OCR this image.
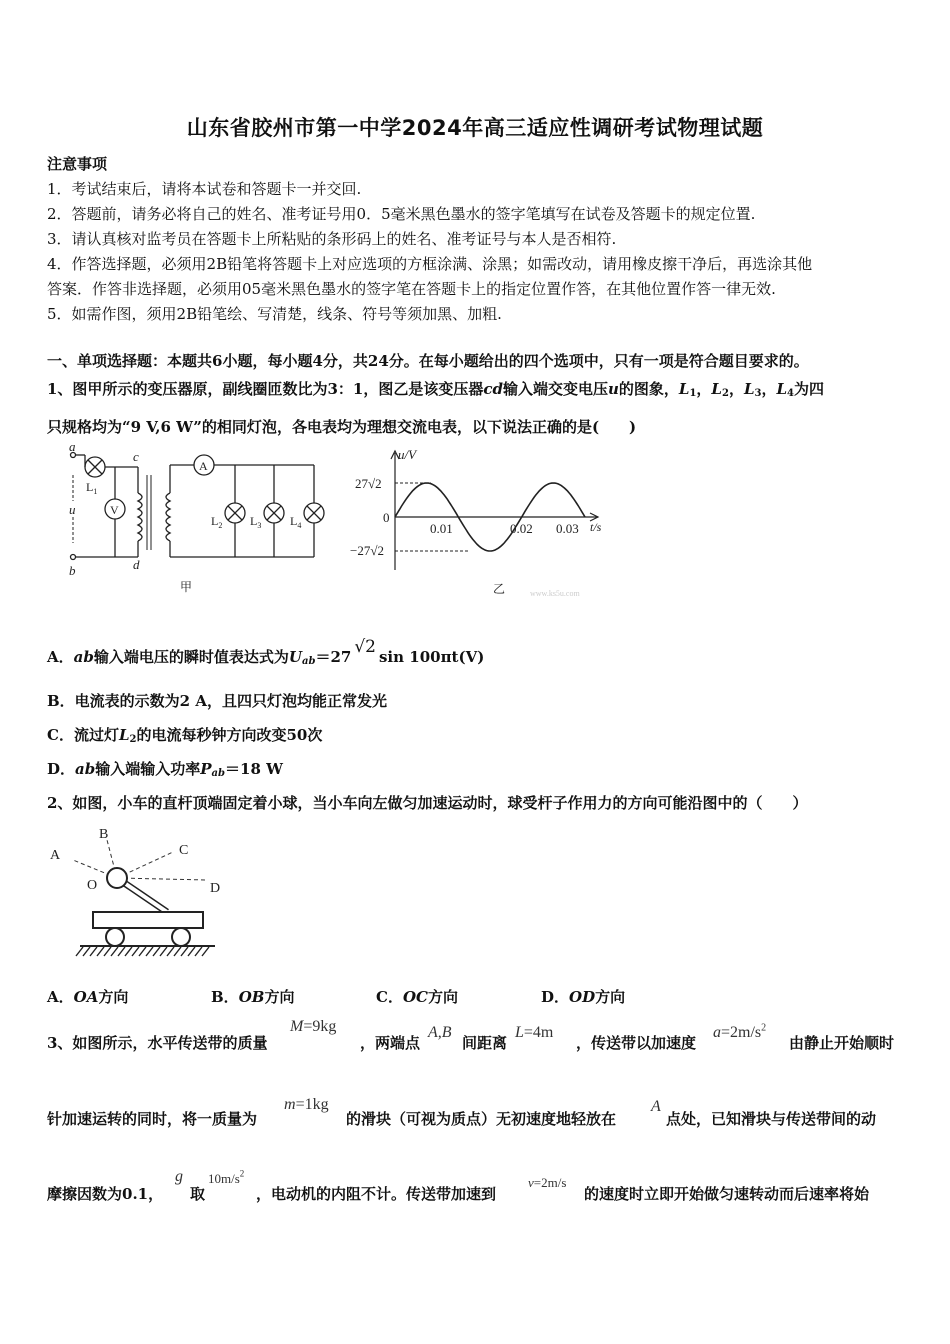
山东省胶州市第一中学2024年高三适应性调研考试物理试题
注意事项
1．考试结束后，请将本试卷和答题卡一并交回.
2．答题前，请务必将自己的姓名、准考证号用0．5毫米黑色墨水的签字笔填写在试卷及答题卡的规定位置.
3．请认真核对监考员在答题卡上所粘贴的条形码上的姓名、准考证号与本人是否相符.
4．作答选择题，必须用2B铅笔将答题卡上对应选项的方框涂满、涂黑；如需改动，请用橡皮擦干净后，再选涂其他
答案．作答非选择题，必须用05毫米黑色墨水的签字笔在答题卡上的指定位置作答，在其他位置作答一律无效.
5．如需作图，须用2B铅笔绘、写清楚，线条、符号等须加黑、加粗.
一、单项选择题：本题共6小题，每小题4分，共24分。在每小题给出的四个选项中，只有一项是符合题目要求的。
1、图甲所示的变压器原，副线圈匝数比为3：1，图乙是该变压器cd输入端交变电压u的图象，$L_1$，$L_2$，$L_3$，$L_4$为四
只规格均为“9 V,6 W”的相同灯泡，各电表均为理想交流电表，以下说法正确的是(　　)
a
b
c
d
u
$L_1$
V
A
$L_2$ $L_3$ $L_4$
甲
u/V
t/s
27√2
−27√2
0
0.01	0.02 0.03
乙	www.ks5u.com
A．ab输入端电压的瞬时值表达式为$U_{ab}=27$ √2 sin 100πt(V)
B．电流表的示数为2 A，且四只灯泡均能正常发光
C．流过灯$L_2$的电流每秒钟方向改变50次
D．ab输入端输入功率$P_{ab}=18$ W
2、如图，小车的直杆顶端固定着小球，当小车向左做匀加速运动时，球受杆子作用力的方向可能沿图中的（　　）
A
B
C
D
O
A．OA方向	B．OB方向	C．OC方向	D．OD方向
3、如图所示，水平传送带的质量
M=9kg
，两端点
A,B
间距离
L=4m
，传送带以加速度
$a=2m/s^2$
由静止开始顺时
针加速运转的同时，将一质量为
m=1kg
的滑块（可视为质点）无初速度地轻放在
A
点处，已知滑块与传送带间的动
摩擦因数为0.1，
g
取
$10m/s^2$
，电动机的内阻不计。传送带加速到
v=2m/s
的速度时立即开始做匀速转动而后速率将始
